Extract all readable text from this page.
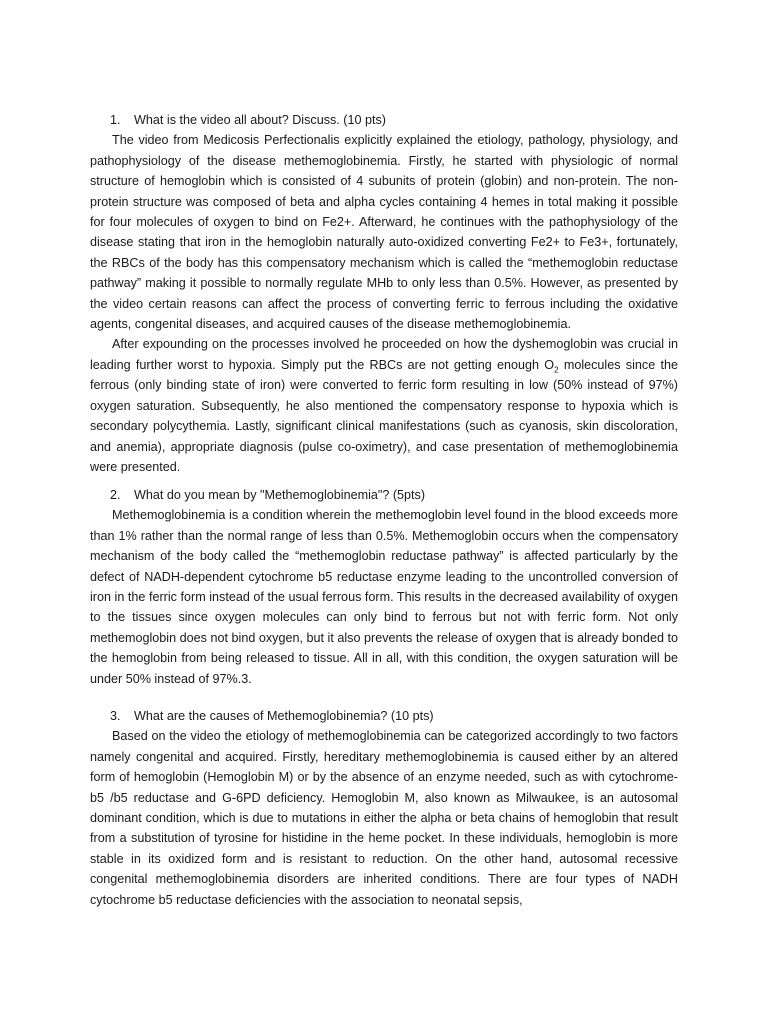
1. What is the video all about? Discuss. (10 pts)

The video from Medicosis Perfectionalis explicitly explained the etiology, pathology, physiology, and pathophysiology of the disease methemoglobinemia. Firstly, he started with physiologic of normal structure of hemoglobin which is consisted of 4 subunits of protein (globin) and non-protein. The non-protein structure was composed of beta and alpha cycles containing 4 hemes in total making it possible for four molecules of oxygen to bind on Fe2+. Afterward, he continues with the pathophysiology of the disease stating that iron in the hemoglobin naturally auto-oxidized converting Fe2+ to Fe3+, fortunately, the RBCs of the body has this compensatory mechanism which is called the “methemoglobin reductase pathway” making it possible to normally regulate MHb to only less than 0.5%. However, as presented by the video certain reasons can affect the process of converting ferric to ferrous including the oxidative agents, congenital diseases, and acquired causes of the disease methemoglobinemia.

After expounding on the processes involved he proceeded on how the dyshemoglobin was crucial in leading further worst to hypoxia. Simply put the RBCs are not getting enough $O_2$ molecules since the ferrous (only binding state of iron) were converted to ferric form resulting in low (50% instead of 97%) oxygen saturation. Subsequently, he also mentioned the compensatory response to hypoxia which is secondary polycythemia. Lastly, significant clinical manifestations (such as cyanosis, skin discoloration, and anemia), appropriate diagnosis (pulse co-oximetry), and case presentation of methemoglobinemia were presented.

2. What do you mean by "Methemoglobinemia"? (5pts)

Methemoglobinemia is a condition wherein the methemoglobin level found in the blood exceeds more than 1% rather than the normal range of less than 0.5%. Methemoglobin occurs when the compensatory mechanism of the body called the “methemoglobin reductase pathway” is affected particularly by the defect of NADH-dependent cytochrome b5 reductase enzyme leading to the uncontrolled conversion of iron in the ferric form instead of the usual ferrous form. This results in the decreased availability of oxygen to the tissues since oxygen molecules can only bind to ferrous but not with ferric form. Not only methemoglobin does not bind oxygen, but it also prevents the release of oxygen that is already bonded to the hemoglobin from being released to tissue. All in all, with this condition, the oxygen saturation will be under 50% instead of 97%.3.

3. What are the causes of Methemoglobinemia? (10 pts)

Based on the video the etiology of methemoglobinemia can be categorized accordingly to two factors namely congenital and acquired. Firstly, hereditary methemoglobinemia is caused either by an altered form of hemoglobin (Hemoglobin M) or by the absence of an enzyme needed, such as with cytochrome-b5 /b5 reductase and G-6PD deficiency. Hemoglobin M, also known as Milwaukee, is an autosomal dominant condition, which is due to mutations in either the alpha or beta chains of hemoglobin that result from a substitution of tyrosine for histidine in the heme pocket. In these individuals, hemoglobin is more stable in its oxidized form and is resistant to reduction. On the other hand, autosomal recessive congenital methemoglobinemia disorders are inherited conditions. There are four types of NADH cytochrome b5 reductase deficiencies with the association to neonatal sepsis,
